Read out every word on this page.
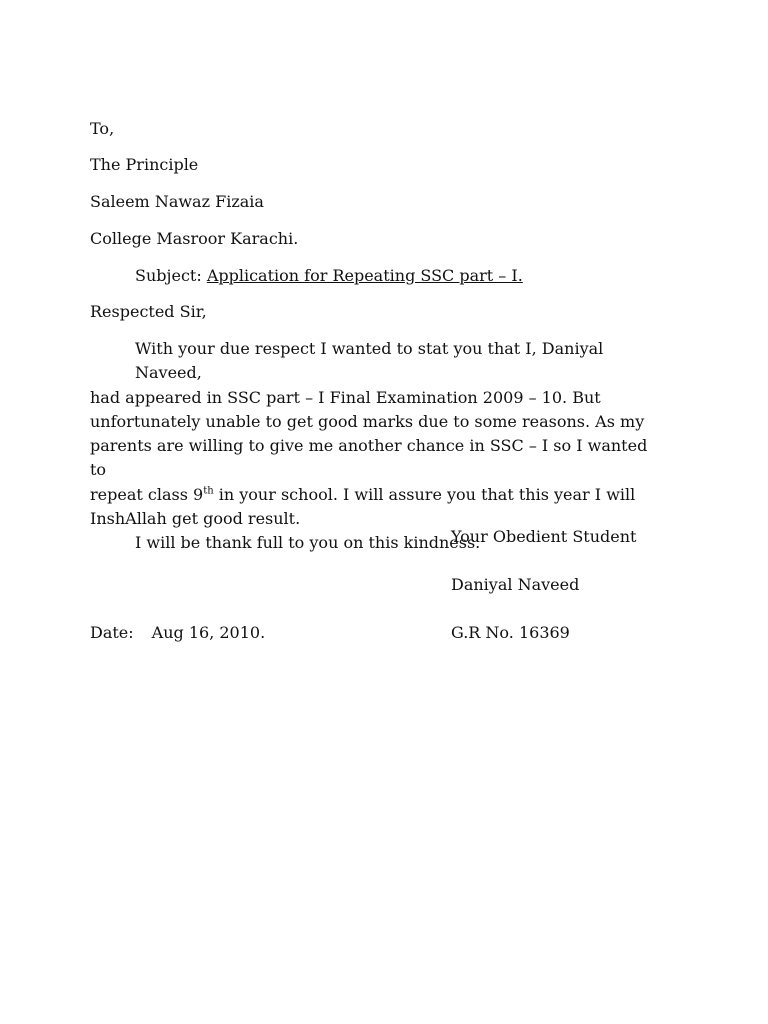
To,
The Principle
Saleem Nawaz Fizaia
College Masroor Karachi.
Subject: Application for Repeating SSC part – I.
Respected Sir,
With your due respect I wanted to stat you that I, Daniyal Naveed,
had appeared in SSC part – I Final Examination 2009 – 10. But
unfortunately unable to get good marks due to some reasons. As my
parents are willing to give me another chance in SSC – I so I wanted to
repeat class 9th in your school. I will assure you that this year I will
InshAllah get good result.
I will be thank full to you on this kindness.
Your Obedient Student
Daniyal Naveed
Date: Aug 16, 2010.	G.R No. 16369
